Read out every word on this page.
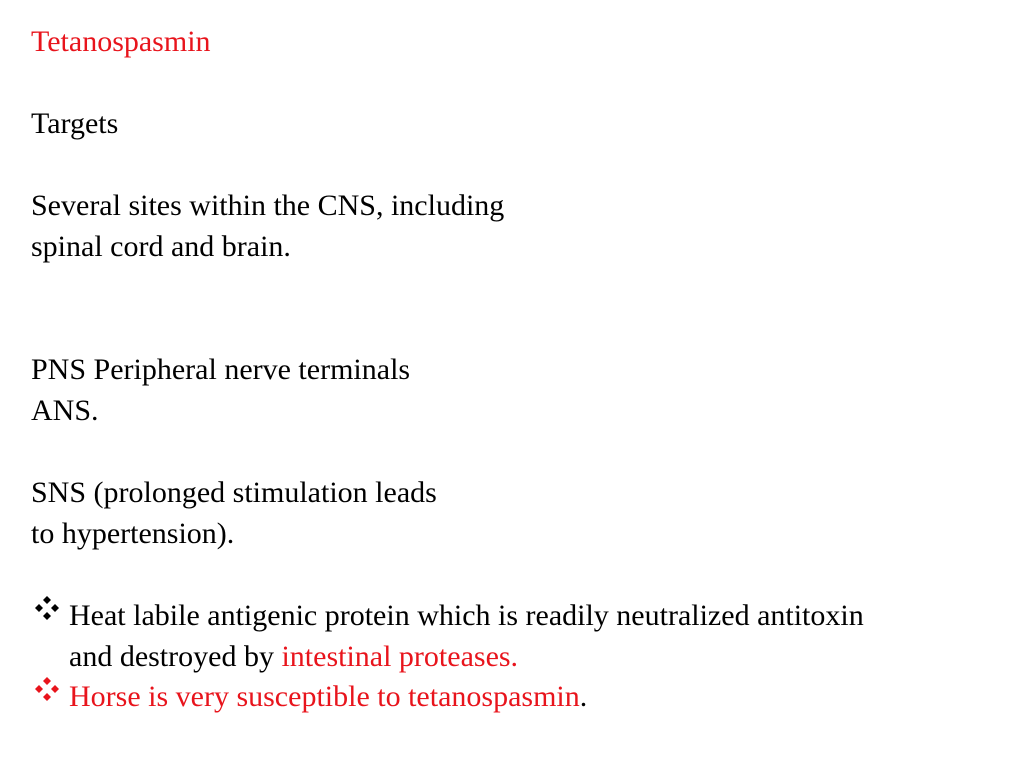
Tetanospasmin
Targets
Several sites within the CNS, including
spinal cord and brain.
PNS Peripheral nerve terminals
ANS.
SNS (prolonged stimulation leads
to hypertension).
Heat labile antigenic protein which is readily neutralized antitoxin
and destroyed by intestinal proteases.
Horse is very susceptible to tetanospasmin.
